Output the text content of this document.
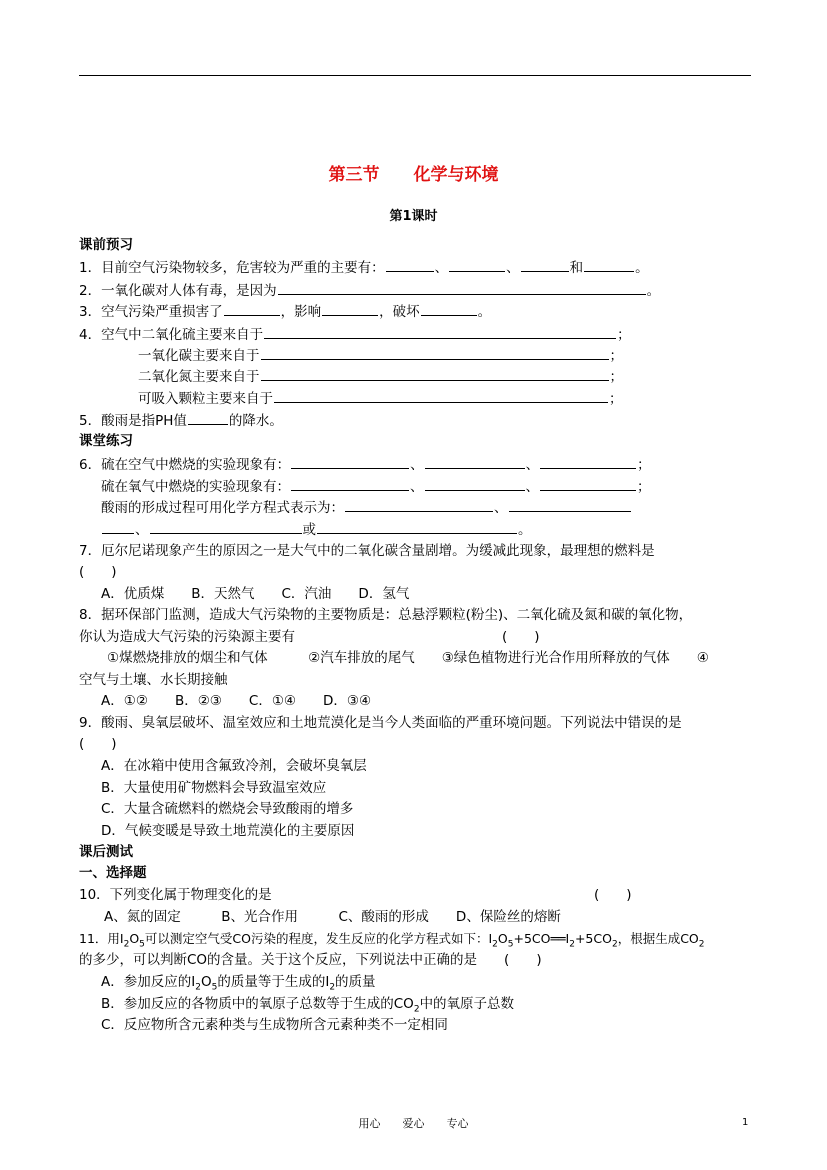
第三节　　化学与环境
第1课时
课前预习
1．目前空气污染物较多，危害较为严重的主要有：	、	、	和	。
2．一氧化碳对人体有毒，是因为	。
3．空气污染严重损害了	，影响	，破坏	。
4．空气中二氧化硫主要来自于	；
一氧化碳主要来自于	；
二氧化氮主要来自于	；
可吸入颗粒主要来自于	；
5．酸雨是指PH值	的降水。
课堂练习
6．硫在空气中燃烧的实验现象有：	、	、	；
硫在氧气中燃烧的实验现象有：	、	、	；
酸雨的形成过程可用化学方程式表示为：	、
、	或	。
7．厄尔尼诺现象产生的原因之一是大气中的二氧化碳含量剧增。为缓减此现象，最理想的燃料是
(　　)
A．优质煤　　B．天然气　　C．汽油　　D．氢气
8．据环保部门监测，造成大气污染物的主要物质是：总悬浮颗粒(粉尘)、二氧化硫及氮和碳的氧化物，
你认为造成大气污染的污染源主要有	(　　)
①煤燃烧排放的烟尘和气体　　　②汽车排放的尾气　　③绿色植物进行光合作用所释放的气体　　④
空气与土壤、水长期接触
A．①②　　B．②③　　C．①④　　D．③④
9．酸雨、臭氧层破坏、温室效应和土地荒漠化是当今人类面临的严重环境问题。下列说法中错误的是
(　　)
A．在冰箱中使用含氟致冷剂，会破坏臭氧层
B．大量使用矿物燃料会导致温室效应
C．大量含硫燃料的燃烧会导致酸雨的增多
D．气候变暖是导致土地荒漠化的主要原因
课后测试
一、选择题
10．下列变化属于物理变化的是	(　　)
A、氮的固定　　　B、光合作用　　　C、酸雨的形成　　D、保险丝的熔断
11．用$I_2O_5$可以测定空气受CO污染的程度，发生反应的化学方程式如下：$I_2O_5+5CO══I_2+5CO_2$，根据生成$CO_2$
的多少，可以判断CO的含量。关于这个反应，下列说法中正确的是　　(　　)
A．参加反应的$I_2O_5$的质量等于生成的$I_2$的质量
B．参加反应的各物质中的氧原子总数等于生成的$CO_2$中的氧原子总数
C．反应物所含元素种类与生成物所含元素种类不一定相同
用心　　爱心　　专心	1
